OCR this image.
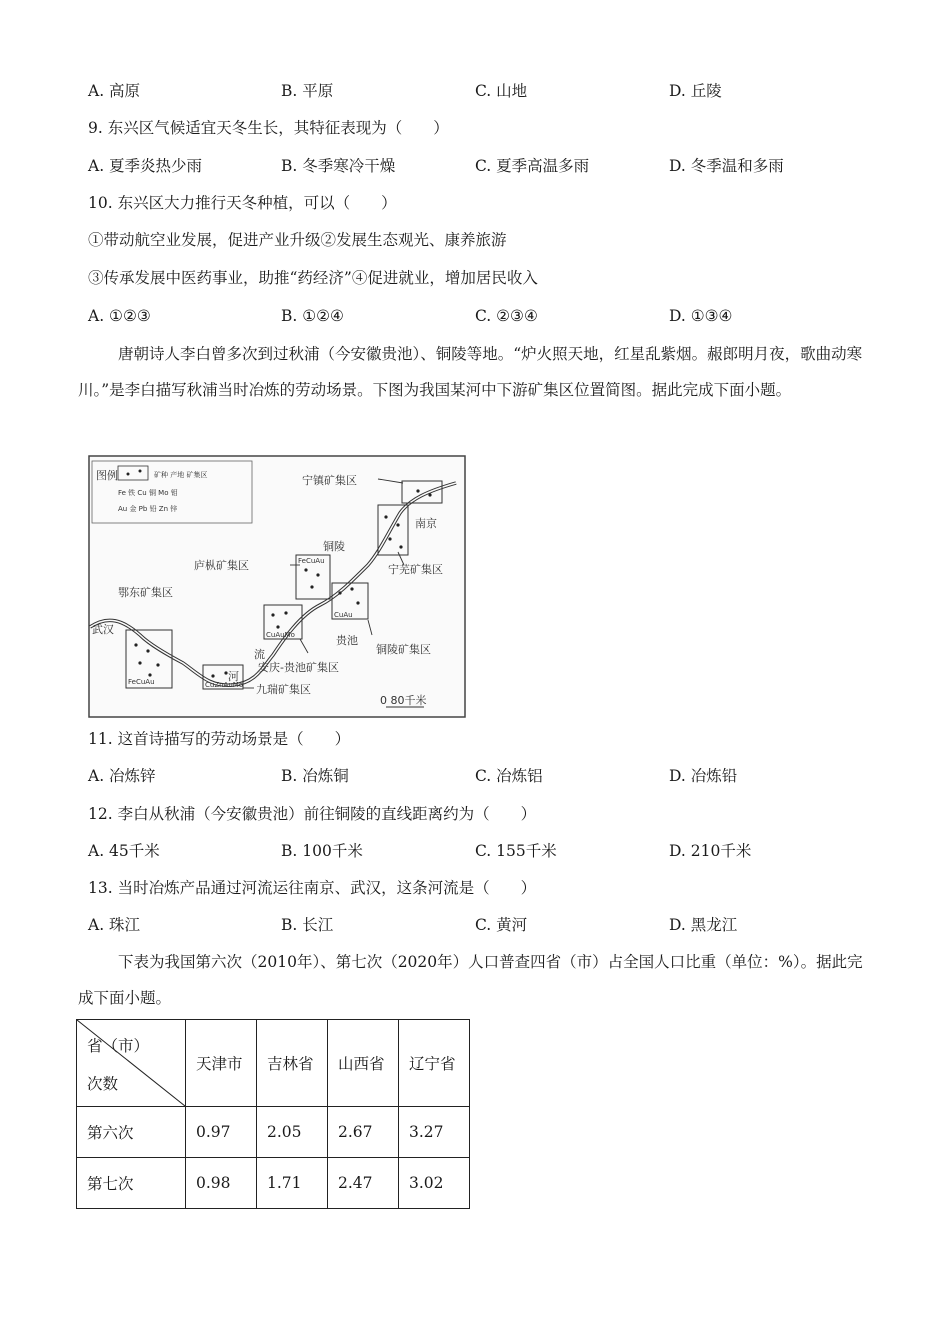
A. 高原	B. 平原	C. 山地	D. 丘陵
9. 东兴区气候适宜天冬生长，其特征表现为（　　）
A. 夏季炎热少雨	B. 冬季寒冷干燥	C. 夏季高温多雨	D. 冬季温和多雨
10. 东兴区大力推行天冬种植，可以（　　）
①带动航空业发展，促进产业升级②发展生态观光、康养旅游
③传承发展中医药事业，助推“药经济”④促进就业，增加居民收入
A. ①②③	B. ①②④	C. ②③④	D. ①③④
唐朝诗人李白曾多次到过秋浦（今安徽贵池）、铜陵等地。“炉火照天地，红星乱紫烟。赧郎明月夜，歌曲动寒川。”是李白描写秋浦当时冶炼的劳动场景。下图为我国某河中下游矿集区位置简图。据此完成下面小题。
图例	矿种 产地 矿集区
Fe 铁 Cu 铜 Mo 钼
Au 金 Pb 铅 Zn 锌
FeCuAu	CuZnAuMo
CuAuMo
FeCuAu
CuAu
宁镇矿集区
南京
铜陵
庐枞矿集区	宁芜矿集区
武汉
鄂东矿集区
贵池
铜陵矿集区
安庆-贵池矿集区
九瑞矿集区
河
流
0 80千米
11. 这首诗描写的劳动场景是（　　）
A. 冶炼锌	B. 冶炼铜	C. 冶炼铝	D. 冶炼铅
12. 李白从秋浦（今安徽贵池）前往铜陵的直线距离约为（　　）
A. 45千米	B. 100千米	C. 155千米	D. 210千米
13. 当时冶炼产品通过河流运往南京、武汉，这条河流是（　　）
A. 珠江	B. 长江	C. 黄河	D. 黑龙江
下表为我国第六次（2010年）、第七次（2020年）人口普查四省（市）占全国人口比重（单位：%）。据此完成下面小题。
省（市）
次数	天津市	吉林省	山西省	辽宁省
第六次	0.97	2.05	2.67	3.27
第七次	0.98	1.71	2.47	3.02
